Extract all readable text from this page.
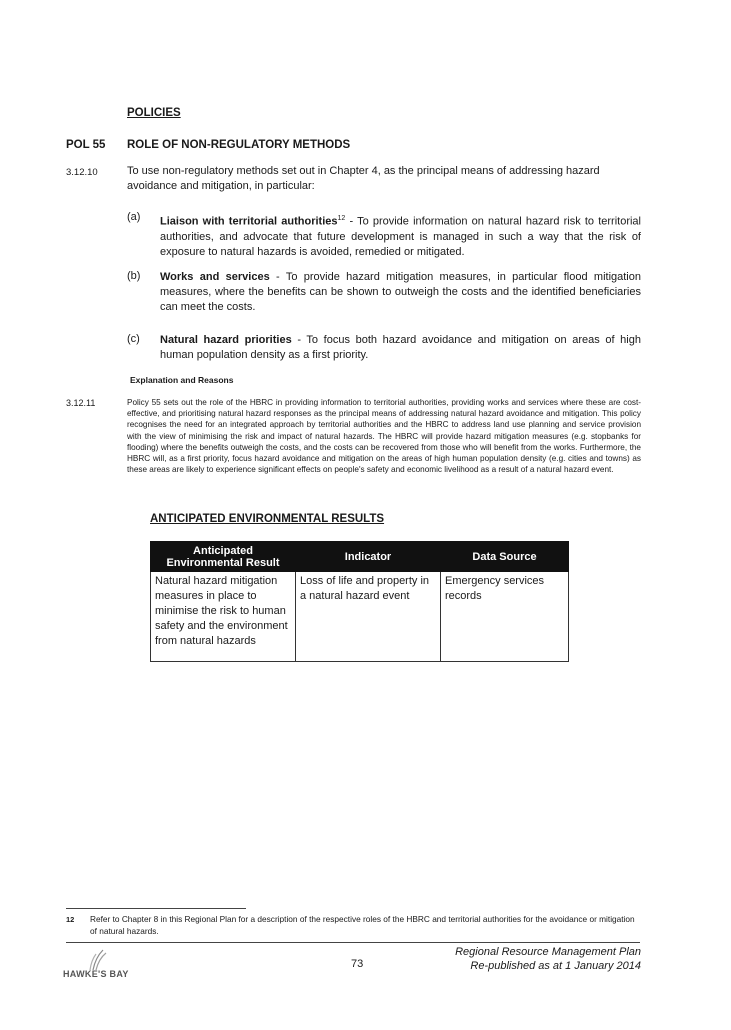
POLICIES
POL 55 ROLE OF NON-REGULATORY METHODS
3.12.10	To use non-regulatory methods set out in Chapter 4, as the principal means of addressing hazard avoidance and mitigation, in particular:
(a) Liaison with territorial authorities$^{12}$ - To provide information on natural hazard risk to territorial authorities, and advocate that future development is managed in such a way that the risk of exposure to natural hazards is avoided, remedied or mitigated.
(b) Works and services - To provide hazard mitigation measures, in particular flood mitigation measures, where the benefits can be shown to outweigh the costs and the identified beneficiaries can meet the costs.
(c) Natural hazard priorities - To focus both hazard avoidance and mitigation on areas of high human population density as a first priority.
Explanation and Reasons
3.12.11	Policy 55 sets out the role of the HBRC in providing information to territorial authorities, providing works and services where these are cost-effective, and prioritising natural hazard responses as the principal means of addressing natural hazard avoidance and mitigation. This policy recognises the need for an integrated approach by territorial authorities and the HBRC to address land use planning and service provision with the view of minimising the risk and impact of natural hazards. The HBRC will provide hazard mitigation measures (e.g. stopbanks for flooding) where the benefits outweigh the costs, and the costs can be recovered from those who will benefit from the works. Furthermore, the HBRC will, as a first priority, focus hazard avoidance and mitigation on the areas of high human population density (e.g. cities and towns) as these areas are likely to experience significant effects on people's safety and economic livelihood as a result of a natural hazard event.
ANTICIPATED ENVIRONMENTAL RESULTS
Anticipated Environmental Result	Indicator	Data Source
Natural hazard mitigation measures in place to minimise the risk to human safety and the environment from natural hazards	Loss of life and property in a natural hazard event	Emergency services records
12 Refer to Chapter 8 in this Regional Plan for a description of the respective roles of the HBRC and territorial authorities for the avoidance or mitigation of natural hazards.
HAWKE'S BAY
73
Regional Resource Management Plan
Re-published as at 1 January 2014
